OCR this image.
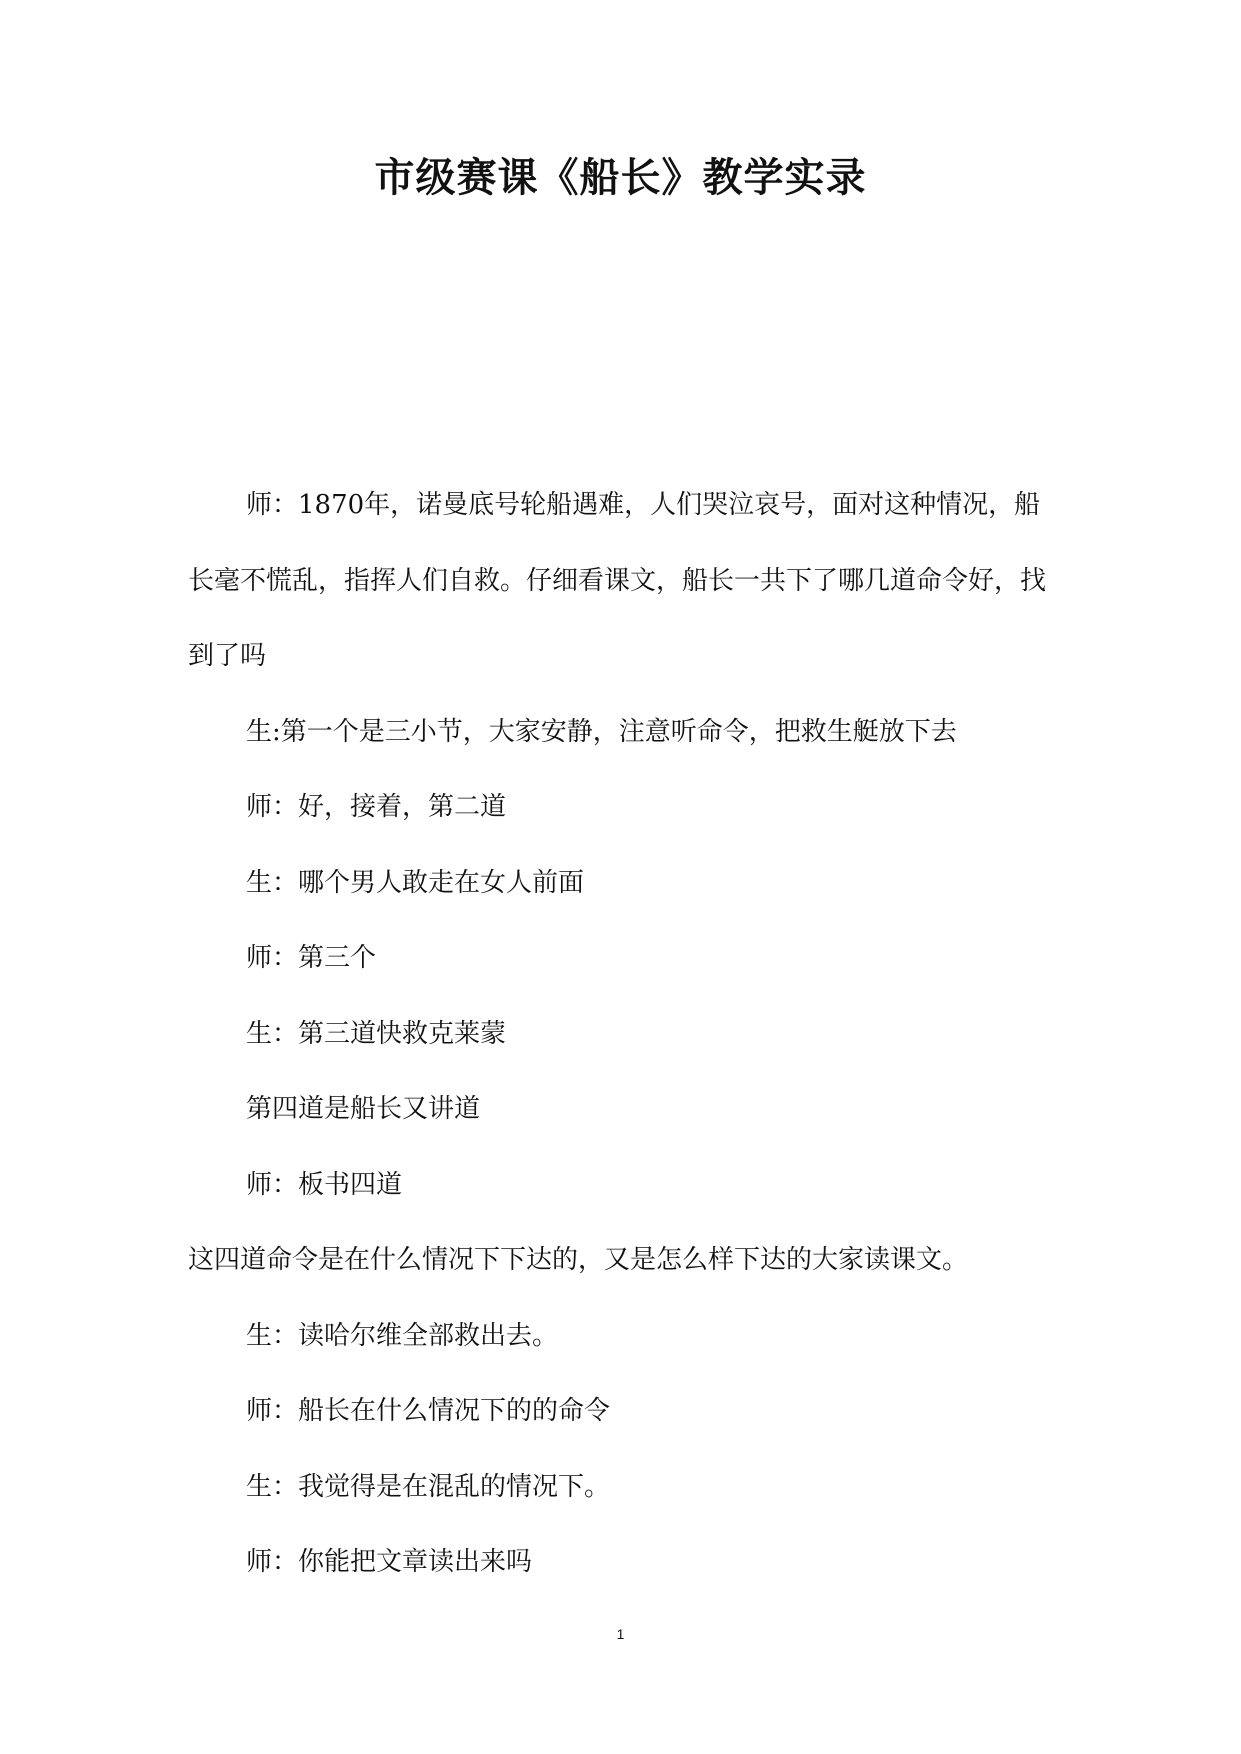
市级赛课《船长》教学实录

师：1870年，诺曼底号轮船遇难，人们哭泣哀号，面对这种情况，船长毫不慌乱，指挥人们自救。仔细看课文，船长一共下了哪几道命令好，找到了吗

生:第一个是三小节，大家安静，注意听命令，把救生艇放下去

师：好，接着，第二道

生：哪个男人敢走在女人前面

师：第三个

生：第三道快救克莱蒙

第四道是船长又讲道

师：板书四道

这四道命令是在什么情况下下达的，又是怎么样下达的大家读课文。

生：读哈尔维全部救出去。

师：船长在什么情况下的的命令

生：我觉得是在混乱的情况下。

师：你能把文章读出来吗

1
